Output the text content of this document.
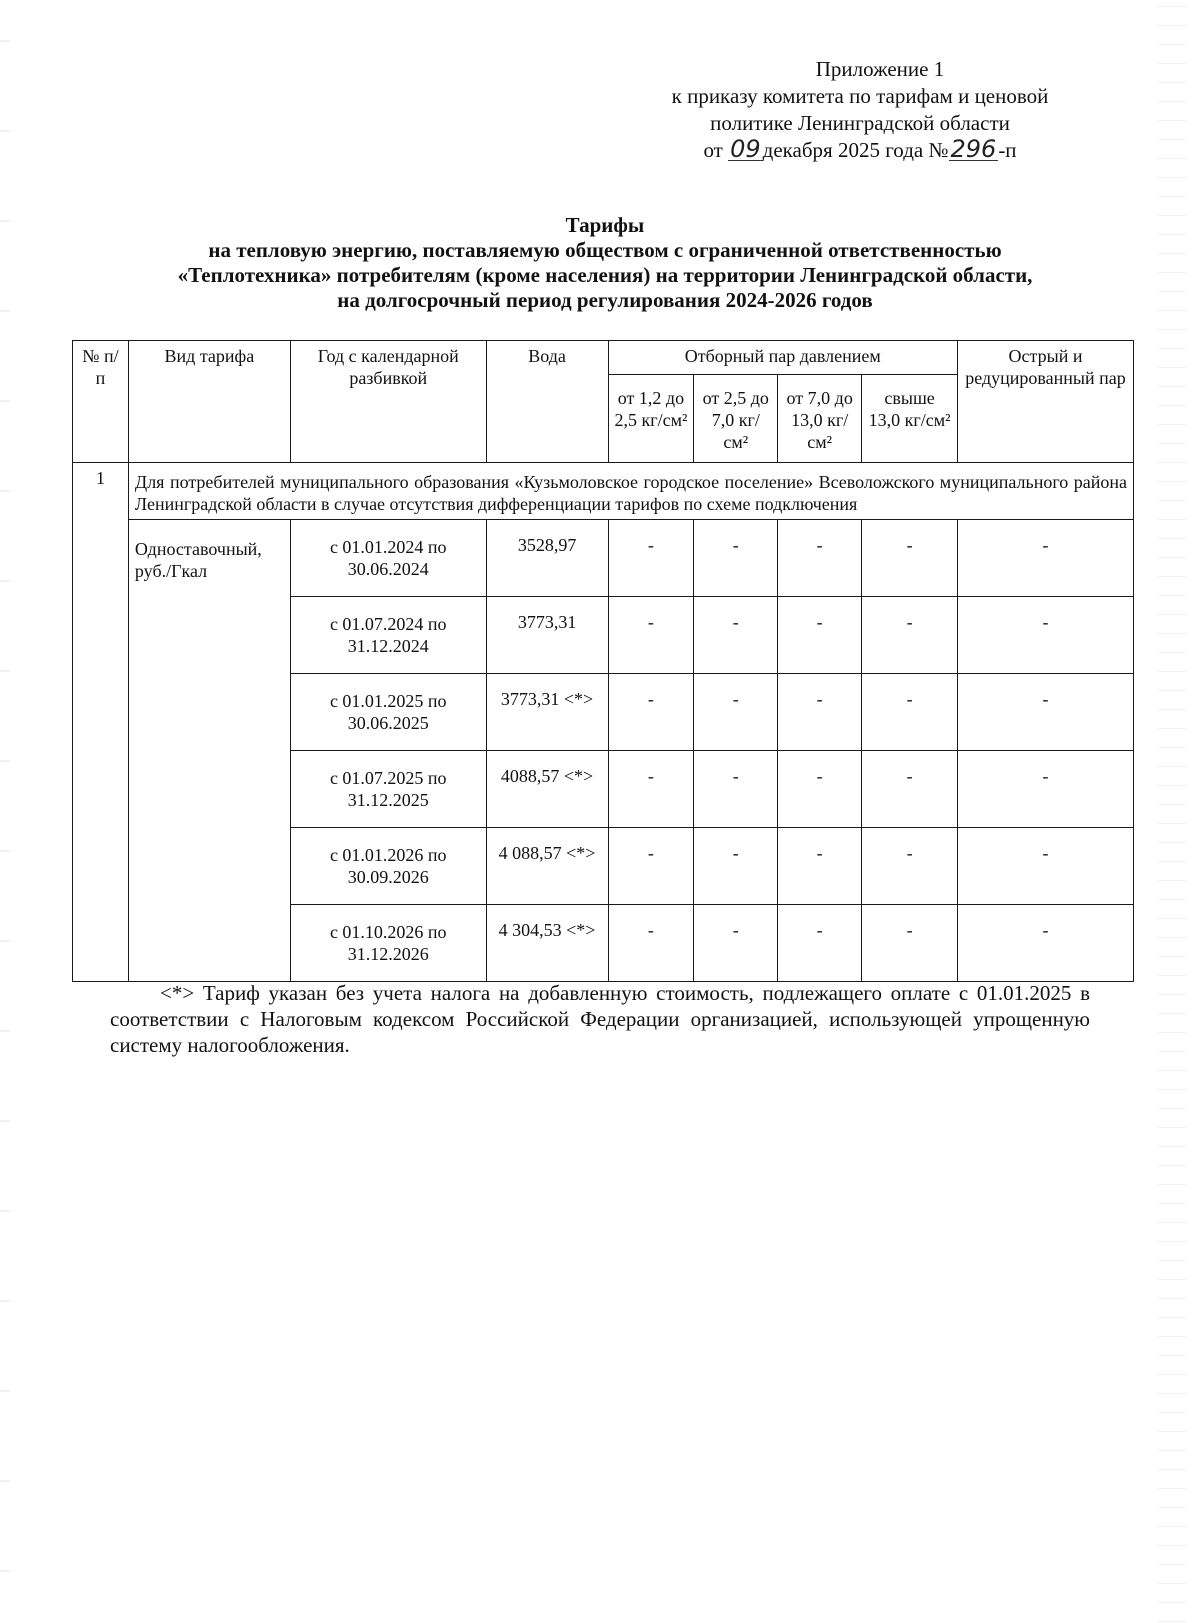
Приложение 1
к приказу комитета по тарифам и ценовой
политике Ленинградской области
от 09декабря 2025 года №296-п
Тарифы
на тепловую энергию, поставляемую обществом с ограниченной ответственностью
«Теплотехника» потребителям (кроме населения) на территории Ленинградской области,
на долгосрочный период регулирования 2024-2026 годов
№ п/п	Вид тарифа	Год с календарной разбивкой	Вода	Отборный пар давлением				Острый и редуцированный пар
				от 1,2 до 2,5 кг/см²	от 2,5 до 7,0 кг/см²	от 7,0 до 13,0 кг/см²	свыше 13,0 кг/см²	
1	Для потребителей муниципального образования «Кузьмоловское городское поселение» Всеволожского муниципального района Ленинградской области в случае отсутствия дифференциации тарифов по схеме подключения							
	Одноставочный, руб./Гкал	с 01.01.2024 по 30.06.2024	3528,97	-	-	-	-	-
		с 01.07.2024 по 31.12.2024	3773,31	-	-	-	-	-
		с 01.01.2025 по 30.06.2025	3773,31 <*>	-	-	-	-	-
		с 01.07.2025 по 31.12.2025	4088,57 <*>	-	-	-	-	-
		с 01.01.2026 по 30.09.2026	4 088,57 <*>	-	-	-	-	-
		с 01.10.2026 по 31.12.2026	4 304,53 <*>	-	-	-	-	-
<*> Тариф указан без учета налога на добавленную стоимость, подлежащего оплате с 01.01.2025 в соответствии с Налоговым кодексом Российской Федерации организацией, использующей упрощенную систему налогообложения.
